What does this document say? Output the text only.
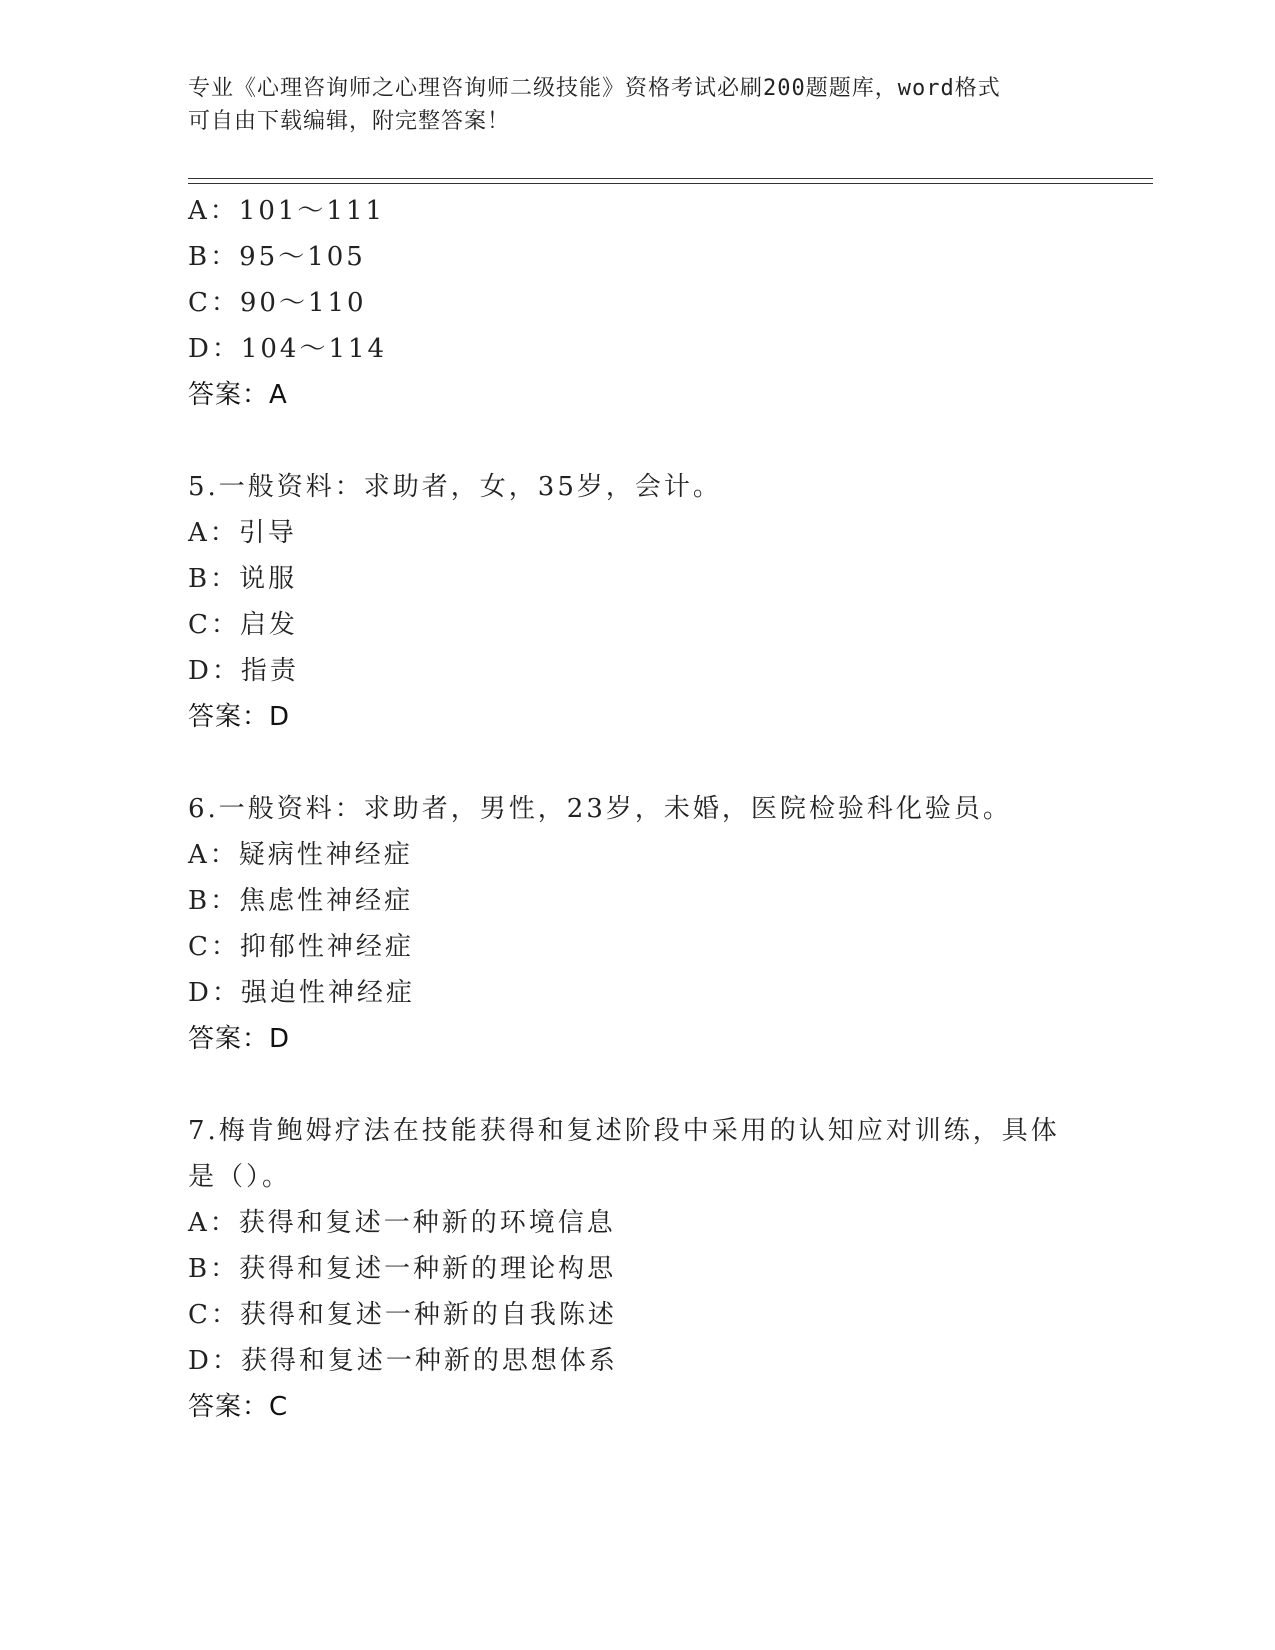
专业《心理咨询师之心理咨询师二级技能》资格考试必刷200题题库，word格式
可自由下载编辑，附完整答案！
A：101～111
B：95～105
C：90～110
D：104～114
答案：A
5.一般资料：求助者，女，35岁，会计。
A：引导
B：说服
C：启发
D：指责
答案：D
6.一般资料：求助者，男性，23岁，未婚，医院检验科化验员。
A：疑病性神经症
B：焦虑性神经症
C：抑郁性神经症
D：强迫性神经症
答案：D
7.梅肯鲍姆疗法在技能获得和复述阶段中采用的认知应对训练，具体
是（）。
A：获得和复述一种新的环境信息
B：获得和复述一种新的理论构思
C：获得和复述一种新的自我陈述
D：获得和复述一种新的思想体系
答案：C
